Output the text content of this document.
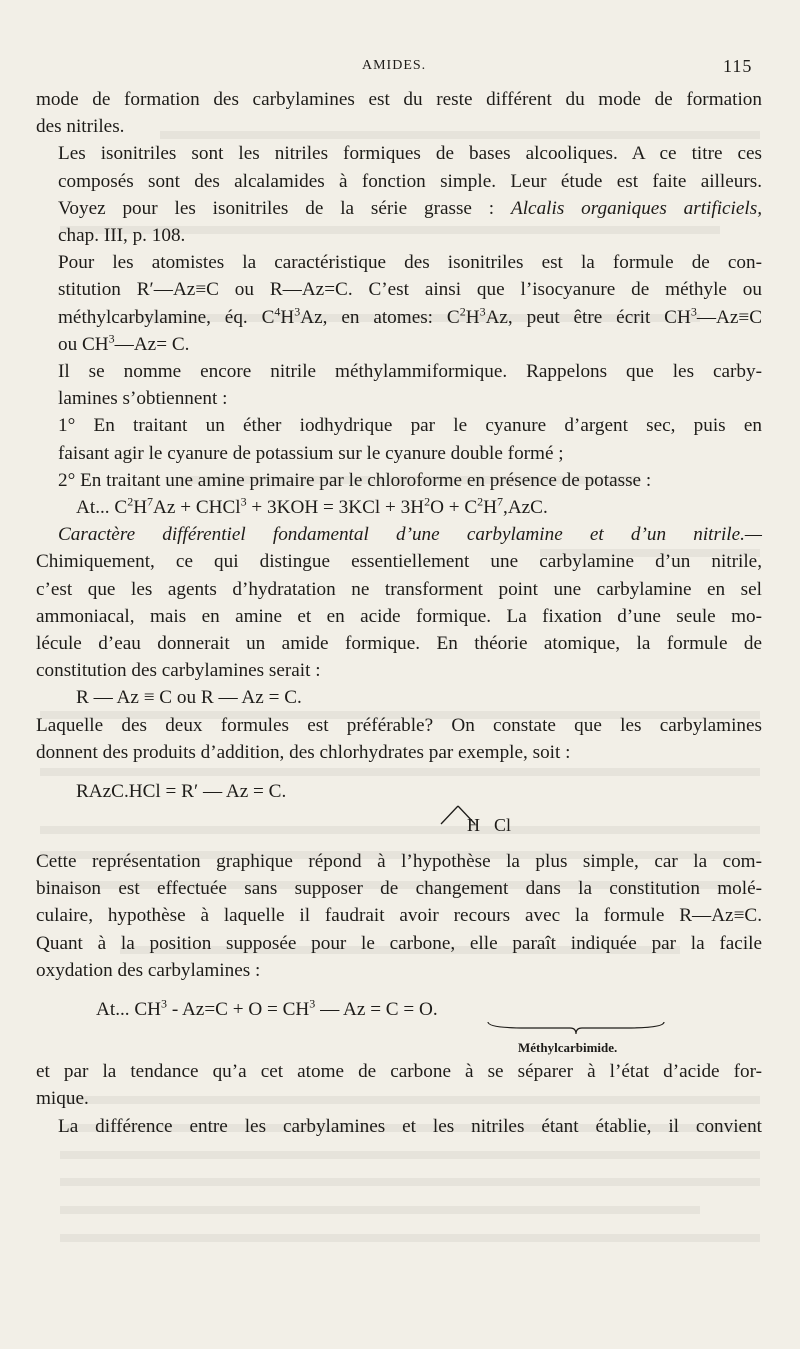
AMIDES.	115

mode de formation des carbylamines est du reste différent du mode de formation
des nitriles.

Les isonitriles sont les nitriles formiques de bases alcooliques. A ce titre ces
composés sont des alcalamides à fonction simple. Leur étude est faite ailleurs.
Voyez pour les isonitriles de la série grasse : Alcalis organiques artificiels,
chap. III, p. 108.

Pour les atomistes la caractéristique des isonitriles est la formule de con-
stitution R′—Az≡C ou R—Az=C. C’est ainsi que l’isocyanure de méthyle ou
méthylcarbylamine, éq. $C^4H^3Az$, en atomes: $C^2H^3Az$, peut être écrit $CH^3—Az\equiv C$
ou $CH^3—Az= C$.

Il se nomme encore nitrile méthylammiformique. Rappelons que les carby-
lamines s’obtiennent :

1° En traitant un éther iodhydrique par le cyanure d’argent sec, puis en
faisant agir le cyanure de potassium sur le cyanure double formé ;

2° En traitant une amine primaire par le chloroforme en présence de potasse :

At... $C^2H^7Az$ + CHCl$^3$ + $3KOH = 3KCl + 3H^2O + C^2H^7,AzC$.

Caractère différentiel fondamental d’une carbylamine et d’un nitrile.—
Chimiquement, ce qui distingue essentiellement une carbylamine d’un nitrile,
c’est que les agents d’hydratation ne transforment point une carbylamine en sel
ammoniacal, mais en amine et en acide formique. La fixation d’une seule mo-
lécule d’eau donnerait un amide formique. En théorie atomique, la formule de
constitution des carbylamines serait :

R — Az ≡ C ou R — Az = C.

Laquelle des deux formules est préférable? On constate que les carbylamines
donnent des produits d’addition, des chlorhydrates par exemple, soit :

RAzC.HCl = R′ — Az = C.

H Cl

Cette représentation graphique répond à l’hypothèse la plus simple, car la com-
binaison est effectuée sans supposer de changement dans la constitution molé-
culaire, hypothèse à laquelle il faudrait avoir recours avec la formule R—Az≡C.
Quant à la position supposée pour le carbone, elle paraît indiquée par la facile
oxydation des carbylamines :

At... $CH^3 - Az=C + O = CH^3$ — Az = C = O.

Méthylcarbimide.

et par la tendance qu’a cet atome de carbone à se séparer à l’état d’acide for-
mique.

La différence entre les carbylamines et les nitriles étant établie, il convient
